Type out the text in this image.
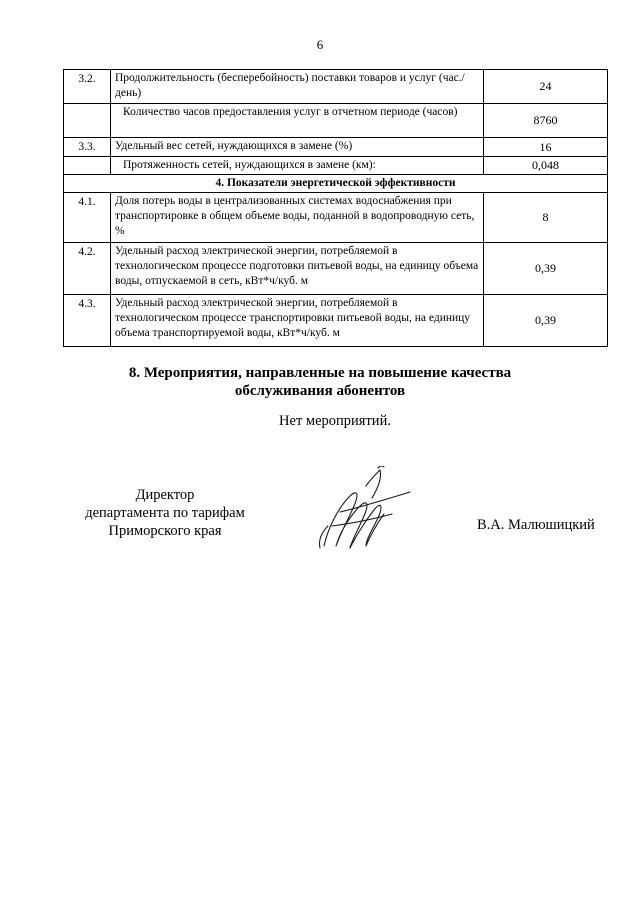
6
3.2.	Продолжительность (бесперебойность) поставки товаров и услуг (час./день)	24
	Количество часов предоставления услуг в отчетном периоде (часов)	8760
3.3.	Удельный вес сетей, нуждающихся в замене (%)	16
	Протяженность сетей, нуждающихся в замене (км):	0,048
4. Показатели энергетической эффективности		
4.1.	Доля потерь воды в централизованных системах водоснабжения при транспортировке в общем объеме воды, поданной в водопроводную сеть, %	8
4.2.	Удельный расход электрической энергии, потребляемой в технологическом процессе подготовки питьевой воды, на единицу объема воды, отпускаемой в сеть, кВт*ч/куб. м	0,39
4.3.	Удельный расход электрической энергии, потребляемой в технологическом процессе транспортировки питьевой воды, на единицу объема транспортируемой воды, кВт*ч/куб. м	0,39
8. Мероприятия, направленные на повышение качества
обслуживания абонентов
Нет мероприятий.
Директор
департамента по тарифам
Приморского края	В.А. Малюшицкий
